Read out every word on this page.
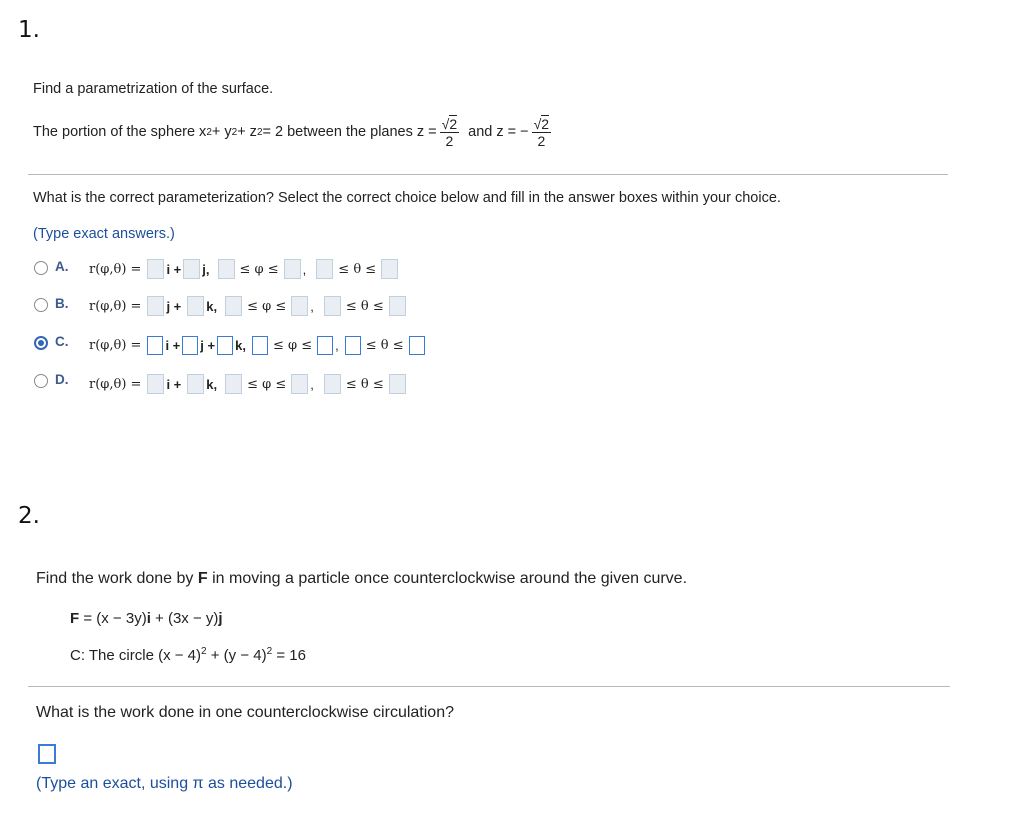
1.
Find a parametrization of the surface.
The portion of the sphere x 2 + y 2 + z 2 = 2 between the planes $z = \frac{√2}{2}$ and z = − $\frac{√2}{2}$
What is the correct parameterization? Select the correct choice below and fill in the answer boxes within your choice.
(Type exact answers.)
A. r(φ,θ) = i + j, ≤ φ ≤ , ≤ θ ≤
B. r(φ,θ) = j + k, ≤ φ ≤ , ≤ θ ≤
C. r(φ,θ) = i + j + k, ≤ φ ≤ , ≤ θ ≤
D. r(φ,θ) = i + k, ≤ φ ≤ , ≤ θ ≤
2.
Find the work done by F in moving a particle once counterclockwise around the given curve.
F = (x − 3y)i + (3x − y)j
C: The circle $(x - 4)^2 + (y - 4)^2 = 16$
What is the work done in one counterclockwise circulation?
(Type an exact, using π as needed.)
